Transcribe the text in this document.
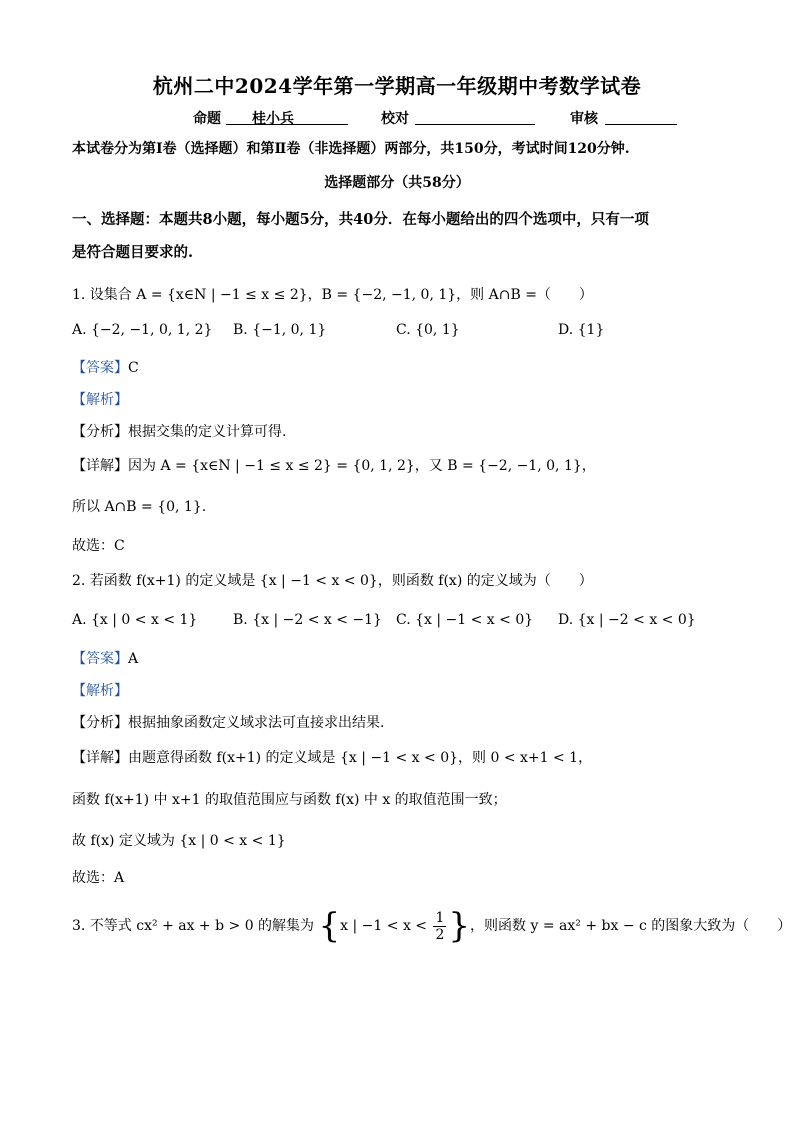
杭州二中2024学年第一学期高一年级期中考数学试卷
命题	桂小兵	校对	审核
本试卷分为第Ⅰ卷（选择题）和第Ⅱ卷（非选择题）两部分，共150分，考试时间120分钟.
选择题部分（共58分）
一、选择题：本题共8小题，每小题5分，共40分．在每小题给出的四个选项中，只有一项
是符合题目要求的.
1. 设集合 A = {x∈N | −1 ≤ x ≤ 2}，B = {−2, −1, 0, 1}，则 A∩B =（　　）
A. {−2, −1, 0, 1, 2} B. {−1, 0, 1}	C. {0, 1}	D. {1}
【答案】C
【解析】
【分析】根据交集的定义计算可得.
【详解】因为 A = {x∈N | −1 ≤ x ≤ 2} = {0, 1, 2}，又 B = {−2, −1, 0, 1}，
所以 A∩B = {0, 1}.
故选：C
2. 若函数 f(x+1) 的定义域是 {x | −1 < x < 0}，则函数 f(x) 的定义域为（　　）
A. {x | 0 < x < 1}	B. {x | −2 < x < −1} C. {x | −1 < x < 0} D. {x | −2 < x < 0}
【答案】A
【解析】
【分析】根据抽象函数定义域求法可直接求出结果.
【详解】由题意得函数 f(x+1) 的定义域是 {x | −1 < x < 0}，则 0 < x+1 < 1，
函数 f(x+1) 中 x+1 的取值范围应与函数 f(x) 中 x 的取值范围一致；
故 f(x) 定义域为 {x | 0 < x < 1}
故选：A
3. 不等式 cx² + ax + b > 0 的解集为 {x | $-1 < x < \frac{1}{2}$ }，则函数 y = ax² + bx − c 的图象大致为（　　）
